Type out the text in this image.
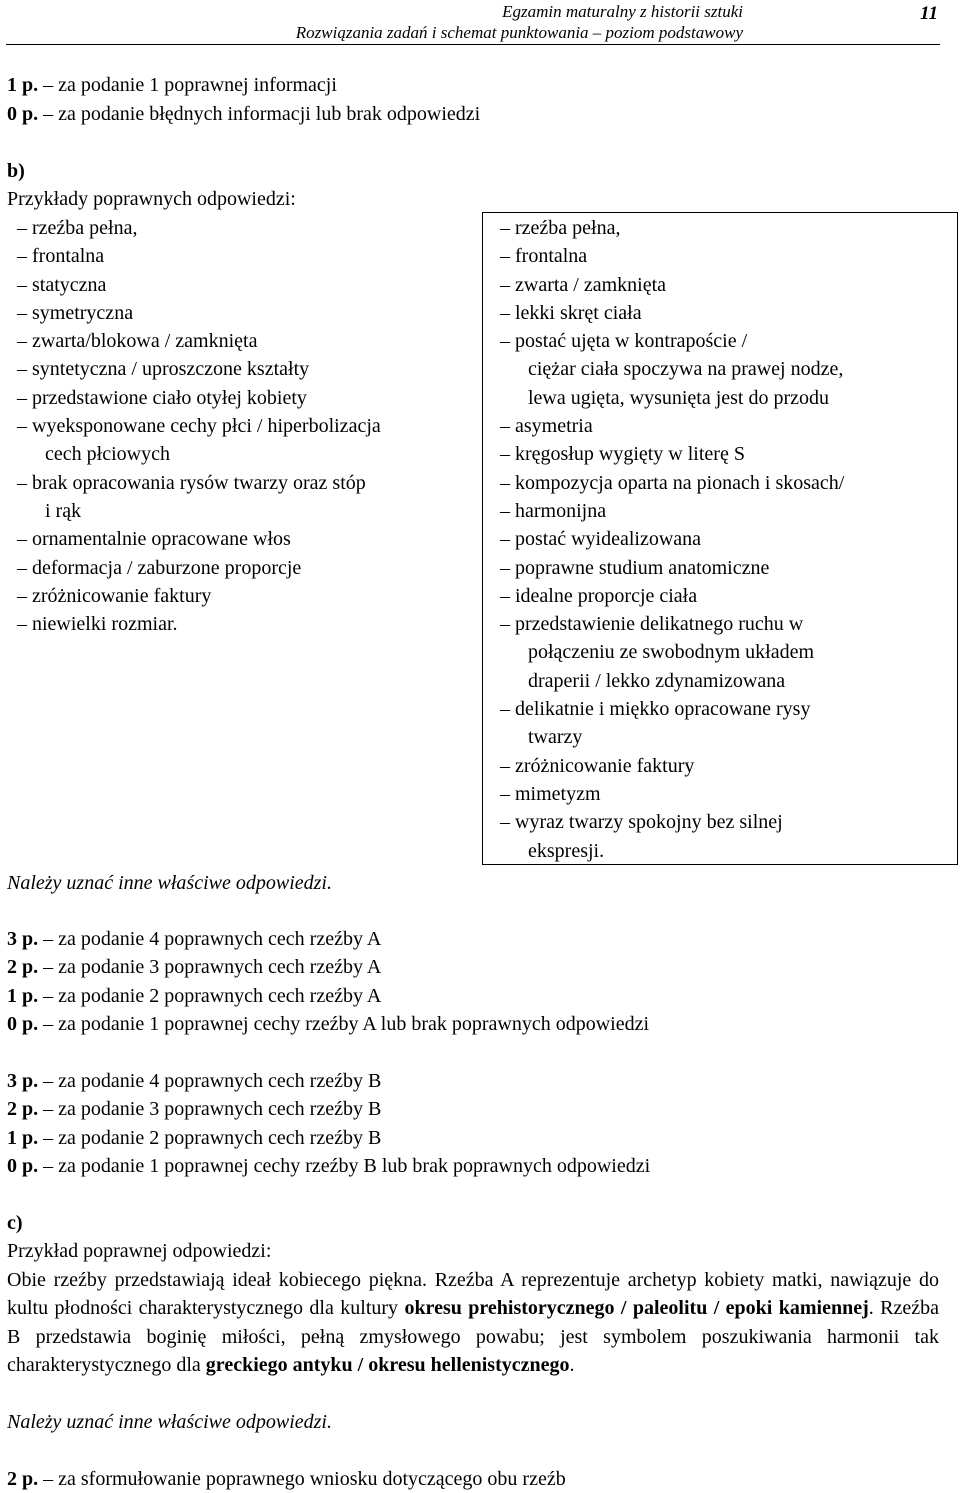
Egzamin maturalny z historii sztuki
Rozwiązania zadań i schemat punktowania – poziom podstawowy
11
1 p. – za podanie 1 poprawnej informacji
0 p. – za podanie błędnych informacji lub brak odpowiedzi
b)
Przykłady poprawnych odpowiedzi:
– rzeźba pełna,
– frontalna
– statyczna
– symetryczna
– zwarta/blokowa / zamknięta
– syntetyczna / uproszczone kształty
– przedstawione ciało otyłej kobiety
– wyeksponowane cechy płci / hiperbolizacja
cech płciowych
– brak opracowania rysów twarzy oraz stóp
i rąk
– ornamentalnie opracowane włos
– deformacja / zaburzone proporcje
– zróżnicowanie faktury
– niewielki rozmiar.
– rzeźba pełna,
– frontalna
– zwarta / zamknięta
– lekki skręt ciała
– postać ujęta w kontrapoście /
ciężar ciała spoczywa na prawej nodze,
lewa ugięta, wysunięta jest do przodu
– asymetria
– kręgosłup wygięty w literę S
– kompozycja oparta na pionach i skosach/
– harmonijna
– postać wyidealizowana
– poprawne studium anatomiczne
– idealne proporcje ciała
– przedstawienie delikatnego ruchu w
połączeniu ze swobodnym układem
draperii / lekko zdynamizowana
– delikatnie i miękko opracowane rysy
twarzy
– zróżnicowanie faktury
– mimetyzm
– wyraz twarzy spokojny bez silnej
ekspresji.
Należy uznać inne właściwe odpowiedzi.
3 p. – za podanie 4 poprawnych cech rzeźby A
2 p. – za podanie 3 poprawnych cech rzeźby A
1 p. – za podanie 2 poprawnych cech rzeźby A
0 p. – za podanie 1 poprawnej cechy rzeźby A lub brak poprawnych odpowiedzi
3 p. – za podanie 4 poprawnych cech rzeźby B
2 p. – za podanie 3 poprawnych cech rzeźby B
1 p. – za podanie 2 poprawnych cech rzeźby B
0 p. – za podanie 1 poprawnej cechy rzeźby B lub brak poprawnych odpowiedzi
c)
Przykład poprawnej odpowiedzi:
Obie rzeźby przedstawiają ideał kobiecego piękna. Rzeźba A reprezentuje archetyp kobiety matki, nawiązuje do kultu płodności charakterystycznego dla kultury okresu prehistorycznego / paleolitu / epoki kamiennej. Rzeźba B przedstawia boginię miłości, pełną zmysłowego powabu; jest symbolem poszukiwania harmonii tak charakterystycznego dla greckiego antyku / okresu hellenistycznego.
Należy uznać inne właściwe odpowiedzi.
2 p. – za sformułowanie poprawnego wniosku dotyczącego obu rzeźb
